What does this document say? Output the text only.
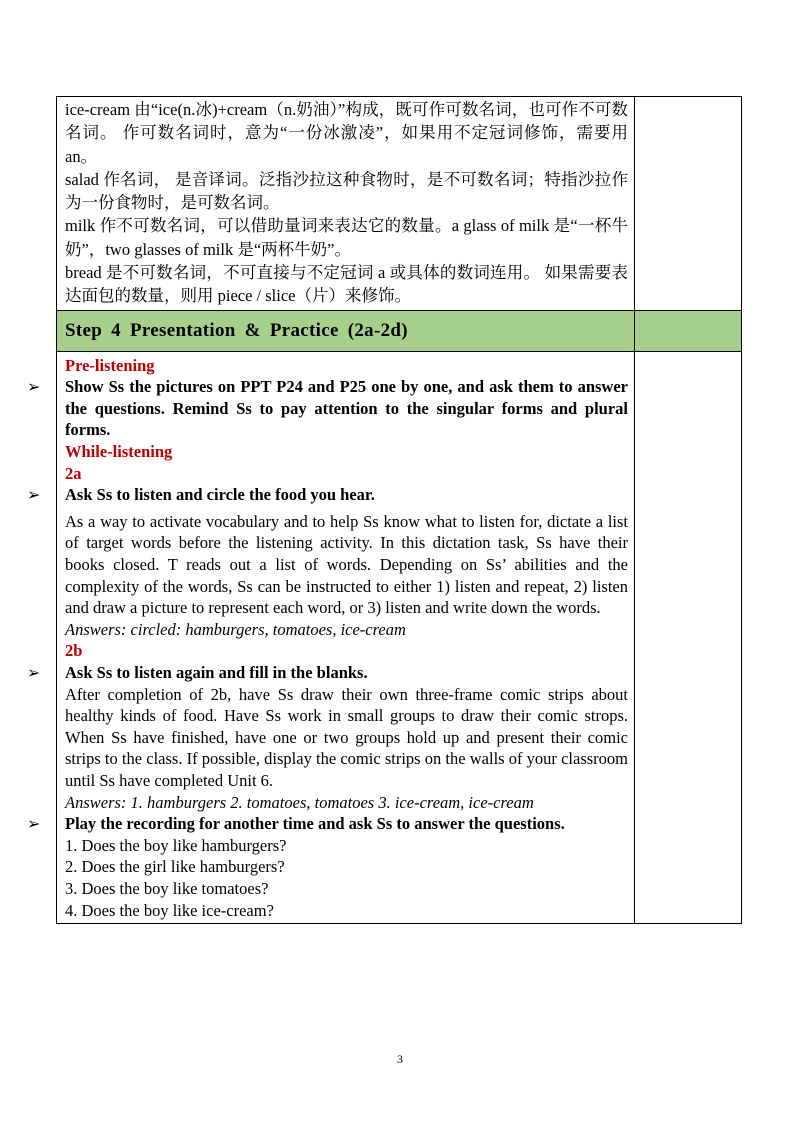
ice-cream 由“ice(n.冰)+cream（n.奶油）”构成，既可作可数名词，也可作不可数名词。 作可数名词时，意为“一份冰激凌”，如果用不定冠词修饰，需要用 an。

salad 作名词， 是音译词。泛指沙拉这种食物时，是不可数名词；特指沙拉作为一份食物时，是可数名词。

milk 作不可数名词，可以借助量词来表达它的数量。a glass of milk 是“一杯牛奶”，two glasses of milk 是“两杯牛奶”。

bread 是不可数名词，不可直接与不定冠词 a 或具体的数词连用。 如果需要表达面包的数量，则用 piece / slice（片）来修饰。

Step 4 Presentation & Practice (2a-2d)

Pre-listening

➢ Show Ss the pictures on PPT P24 and P25 one by one, and ask them to answer the questions. Remind Ss to pay attention to the singular forms and plural forms.

While-listening

2a

➢ Ask Ss to listen and circle the food you hear.

As a way to activate vocabulary and to help Ss know what to listen for, dictate a list of target words before the listening activity. In this dictation task, Ss have their books closed. T reads out a list of words. Depending on Ss’ abilities and the complexity of the words, Ss can be instructed to either 1) listen and repeat, 2) listen and draw a picture to represent each word, or 3) listen and write down the words.

Answers: circled: hamburgers, tomatoes, ice-cream

2b

➢ Ask Ss to listen again and fill in the blanks.

After completion of 2b, have Ss draw their own three-frame comic strips about healthy kinds of food. Have Ss work in small groups to draw their comic strops. When Ss have finished, have one or two groups hold up and present their comic strips to the class. If possible, display the comic strips on the walls of your classroom until Ss have completed Unit 6.

Answers: 1. hamburgers 2. tomatoes, tomatoes 3. ice-cream, ice-cream

➢ Play the recording for another time and ask Ss to answer the questions.

1. Does the boy like hamburgers?

2. Does the girl like hamburgers?

3. Does the boy like tomatoes?

4. Does the boy like ice-cream?

3
